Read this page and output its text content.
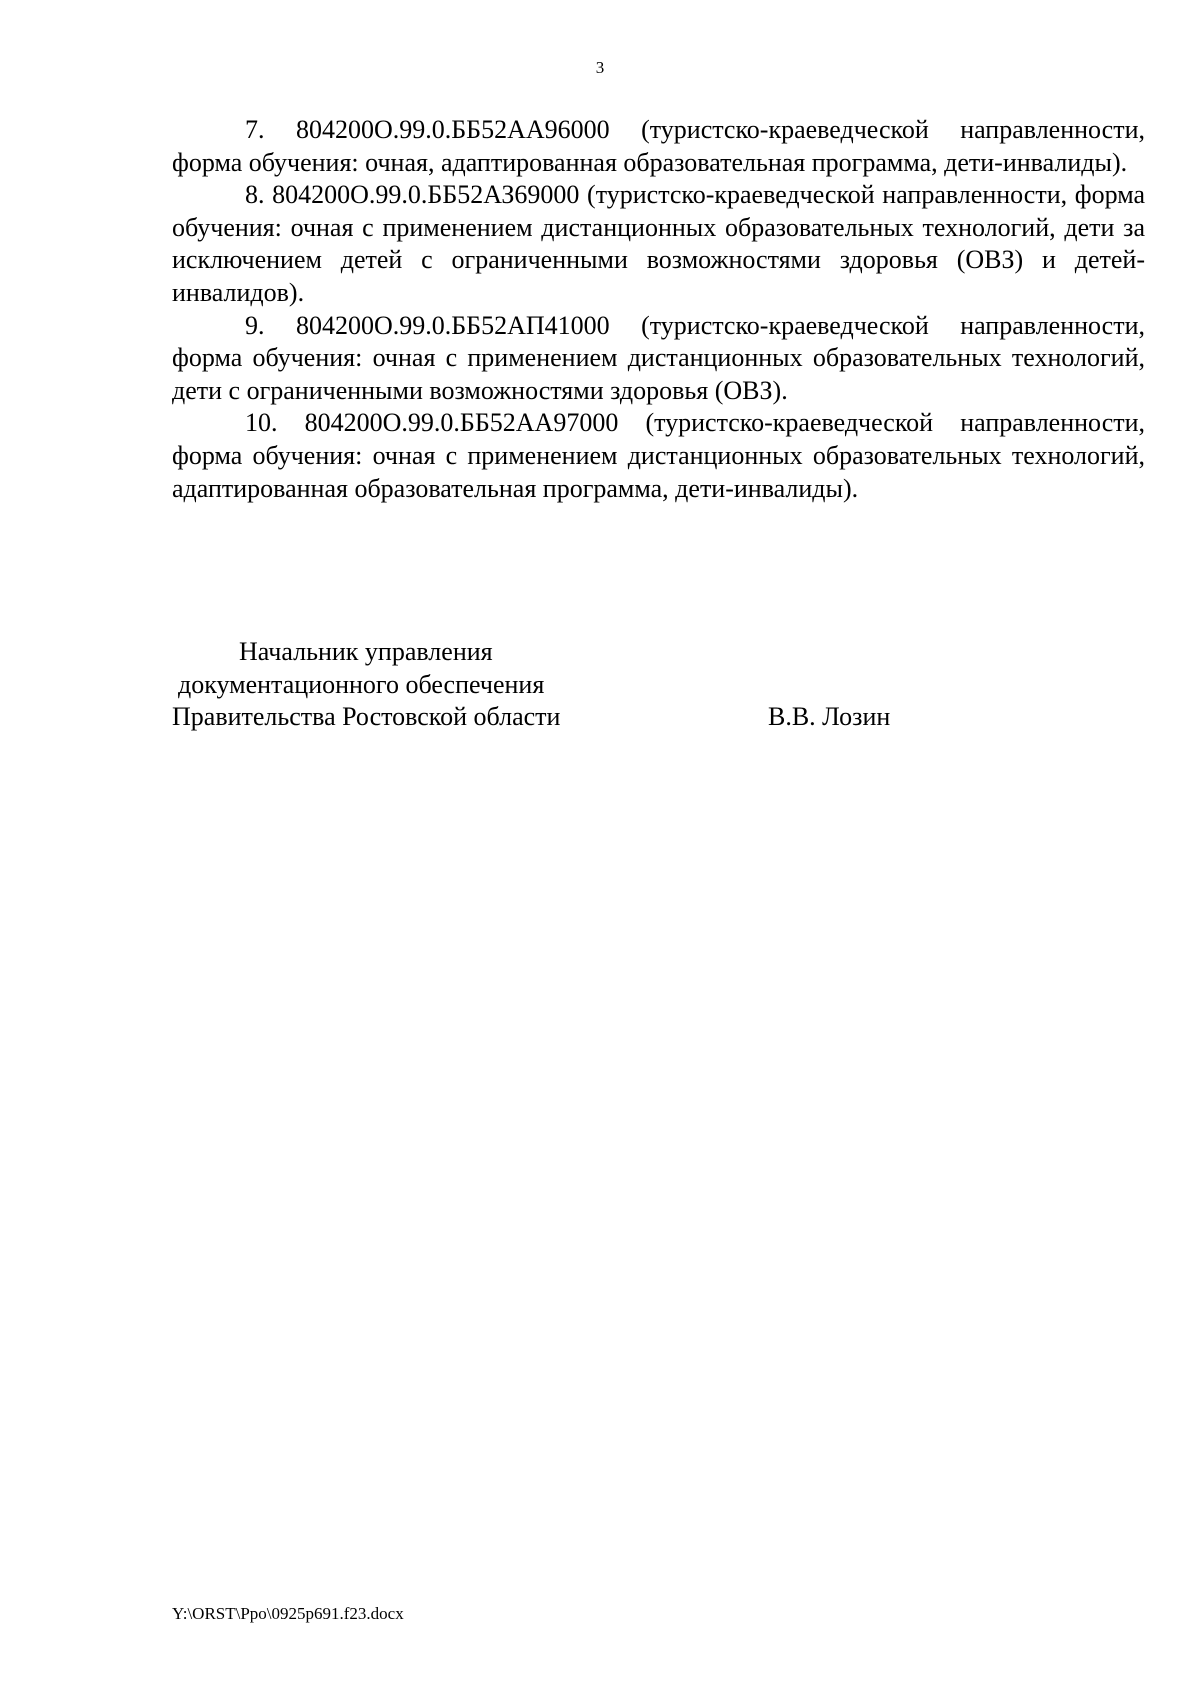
3

7. 804200О.99.0.ББ52АА96000 (туристско-краеведческой направленности, форма обучения: очная, адаптированная образовательная программа, дети-инвалиды).

8. 804200О.99.0.ББ52АЗ69000 (туристско-краеведческой направленности, форма обучения: очная с применением дистанционных образовательных технологий, дети за исключением детей с ограниченными возможностями здоровья (ОВЗ) и детей-инвалидов).

9. 804200О.99.0.ББ52АП41000 (туристско-краеведческой направленности, форма обучения: очная с применением дистанционных образовательных технологий, дети с ограниченными возможностями здоровья (ОВЗ).

10. 804200О.99.0.ББ52АА97000 (туристско-краеведческой направленности, форма обучения: очная с применением дистанционных образовательных технологий, адаптированная образовательная программа, дети-инвалиды).

Начальник управления
документационного обеспечения
Правительства Ростовской области	В.В. Лозин
Y:\ORST\Ppo\0925p691.f23.docx
